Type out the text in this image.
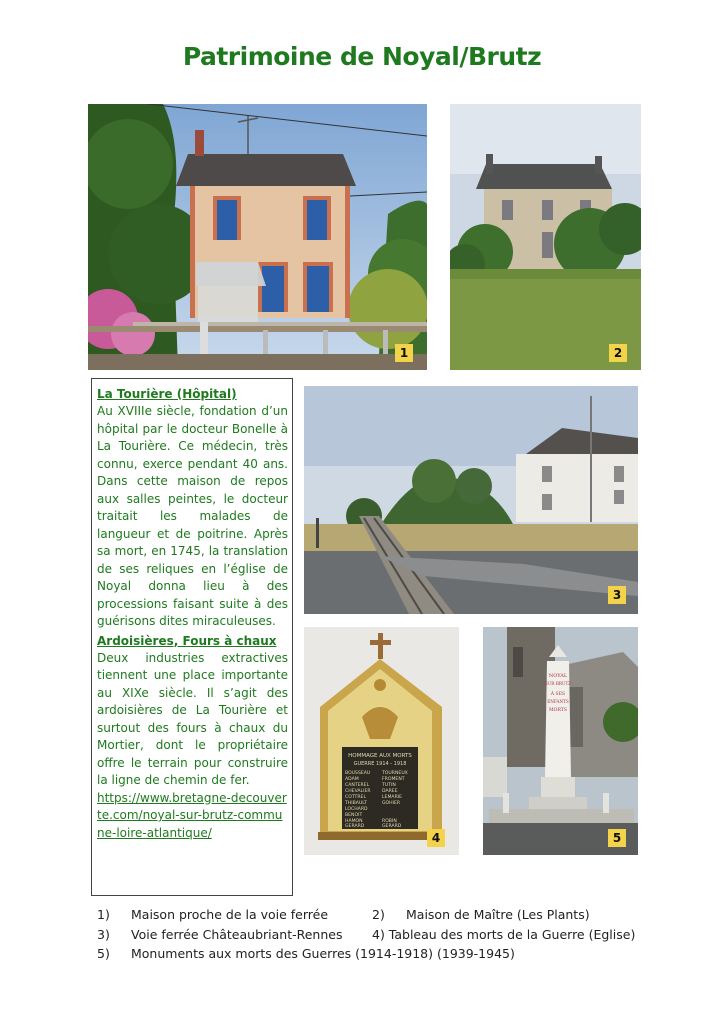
Patrimoine de Noyal/Brutz
1	2
La Tourière (Hôpital)
Au XVIIIe siècle, fondation d’un hôpital par le docteur Bonelle à La Tourière. Ce médecin, très connu, exerce pendant 40 ans. Dans cette maison de repos aux salles peintes, le docteur traitait les malades de langueur et de poitrine. Après sa mort, en 1745, la translation de ses reliques en l’église de Noyal donna lieu à des processions faisant suite à des guérisons dites miraculeuses.
Ardoisières, Fours à chaux
Deux industries extractives tiennent une place importante au XIXe siècle. Il s’agit des ardoisières de La Tourière et surtout des fours à chaux du Mortier, dont le propriétaire offre le terrain pour construire la ligne de chemin de fer.
https://www.bretagne-decouverte.com/noyal-sur-brutz-commune-loire-atlantique/
3
HOMMAGE AUX MORTS
GUERRE 1914 - 1918
BOUSSEAU
ADAM
CANTEREL
CHEVALIER
COTTREL
THIBAULT
LOCHARD
BENOIT
HAMON
GERARD
TOURNEUX
FROMENT
TUTIN
DAREE
LEMARIE
GOHIER
ROBIN
GERARD
4
NOYAL
SUR BRUTZ
À SES
ENFANTS
MORTS
5
1)	Maison proche de la voie ferrée	2)	Maison de Maître (Les Plants)
3)	Voie ferrée Châteaubriant-Rennes	4) Tableau des morts de la Guerre (Eglise)
5)	Monuments aux morts des Guerres (1914-1918) (1939-1945)
